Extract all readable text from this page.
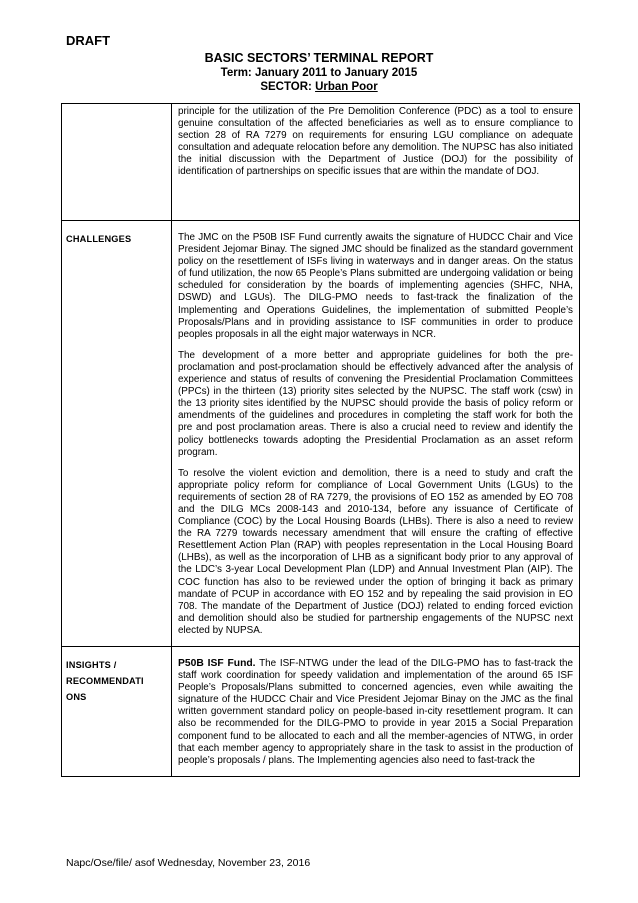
DRAFT
BASIC SECTORS’ TERMINAL REPORT
Term: January 2011 to January 2015
SECTOR: Urban Poor

	principle for the utilization of the Pre Demolition Conference (PDC) as a tool to ensure genuine consultation of the affected beneficiaries as well as to ensure compliance to section 28 of RA 7279 on requirements for ensuring LGU compliance on adequate consultation and adequate relocation before any demolition. The NUPSC has also initiated the initial discussion with the Department of Justice (DOJ) for the possibility of identification of partnerships on specific issues that are within the mandate of DOJ.

CHALLENGES	The JMC on the P50B ISF Fund currently awaits the signature of HUDCC Chair and Vice President Jejomar Binay. The signed JMC should be finalized as the standard government policy on the resettlement of ISFs living in waterways and in danger areas. On the status of fund utilization, the now 65 People’s Plans submitted are undergoing validation or being scheduled for consideration by the boards of implementing agencies (SHFC, NHA, DSWD) and LGUs). The DILG-PMO needs to fast-track the finalization of the Implementing and Operations Guidelines, the implementation of submitted People’s Proposals/Plans and in providing assistance to ISF communities in order to produce peoples proposals in all the eight major waterways in NCR.

The development of a more better and appropriate guidelines for both the pre-proclamation and post-proclamation should be effectively advanced after the analysis of experience and status of results of convening the Presidential Proclamation Committees (PPCs) in the thirteen (13) priority sites selected by the NUPSC. The staff work (csw) in the 13 priority sites identified by the NUPSC should provide the basis of policy reform or amendments of the guidelines and procedures in completing the staff work for both the pre and post proclamation areas. There is also a crucial need to review and identify the policy bottlenecks towards adopting the Presidential Proclamation as an asset reform program.

To resolve the violent eviction and demolition, there is a need to study and craft the appropriate policy reform for compliance of Local Government Units (LGUs) to the requirements of section 28 of RA 7279, the provisions of EO 152 as amended by EO 708 and the DILG MCs 2008-143 and 2010-134, before any issuance of Certificate of Compliance (COC) by the Local Housing Boards (LHBs). There is also a need to review the RA 7279 towards necessary amendment that will ensure the crafting of effective Resettlement Action Plan (RAP) with peoples representation in the Local Housing Board (LHBs), as well as the incorporation of LHB as a significant body prior to any approval of the LDC’s 3-year Local Development Plan (LDP) and Annual Investment Plan (AIP). The COC function has also to be reviewed under the option of bringing it back as primary mandate of PCUP in accordance with EO 152 and by repealing the said provision in EO 708. The mandate of the Department of Justice (DOJ) related to ending forced eviction and demolition should also be studied for partnership engagements of the NUPSC next elected by NUPSA.

INSIGHTS / RECOMMENDATI ONS	P50B ISF Fund. The ISF-NTWG under the lead of the DILG-PMO has to fast-track the staff work coordination for speedy validation and implementation of the around 65 ISF People’s Proposals/Plans submitted to concerned agencies, even while awaiting the signature of the HUDCC Chair and Vice President Jejomar Binay on the JMC as the final written government standard policy on people-based in-city resettlement program. It can also be recommended for the DILG-PMO to provide in year 2015 a Social Preparation component fund to be allocated to each and all the member-agencies of NTWG, in order that each member agency to appropriately share in the task to assist in the production of people’s proposals / plans. The Implementing agencies also need to fast-track the

Napc/Ose/file/ asof Wednesday, November 23, 2016
